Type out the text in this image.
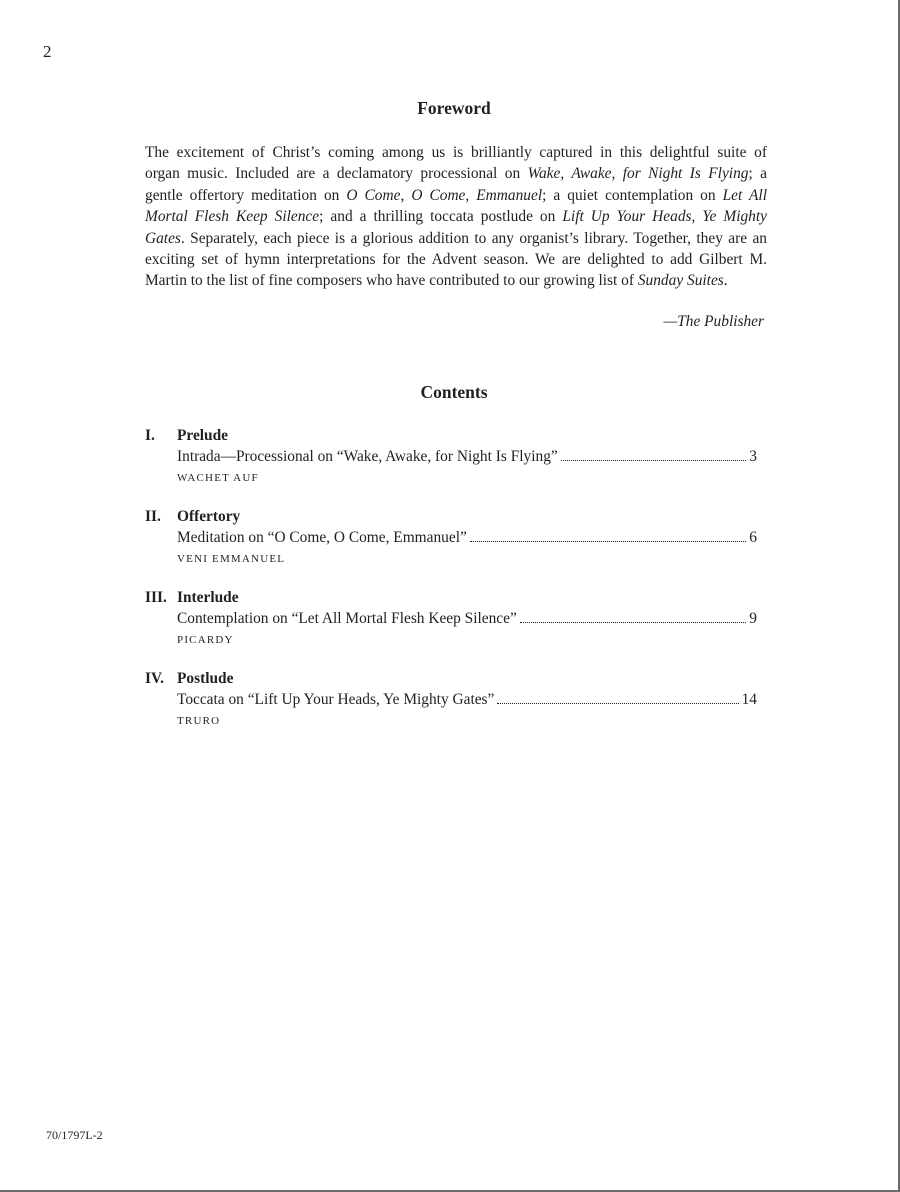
2
Foreword
The excitement of Christ’s coming among us is brilliantly captured in this delightful suite of
organ music. Included are a declamatory processional on Wake, Awake, for Night Is Flying; a
gentle offertory meditation on O Come, O Come, Emmanuel; a quiet contemplation on Let All
Mortal Flesh Keep Silence; and a thrilling toccata postlude on Lift Up Your Heads, Ye Mighty
Gates. Separately, each piece is a glorious addition to any organist’s library. Together, they are an
exciting set of hymn interpretations for the Advent season. We are delighted to add Gilbert M.
Martin to the list of fine composers who have contributed to our growing list of Sunday Suites.
—The Publisher
Contents
I. Prelude
Intrada—Processional on “Wake, Awake, for Night Is Flying”	3
WACHET AUF
II. Offertory
Meditation on “O Come, O Come, Emmanuel”	6
VENI EMMANUEL
III. Interlude
Contemplation on “Let All Mortal Flesh Keep Silence”	9
PICARDY
IV. Postlude
Toccata on “Lift Up Your Heads, Ye Mighty Gates”	14
TRURO
70/1797L-2
